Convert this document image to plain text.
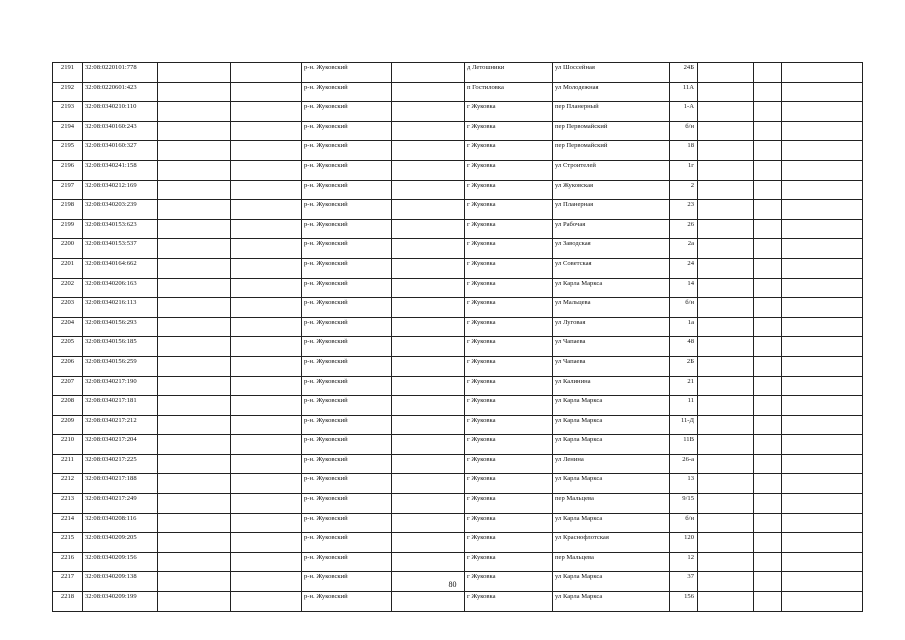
2191	32:08:0220101:778			р-н. Жуковский		д Летошники	ул Шоссейная	24Б			
2192	32:08:0220601:423			р-н. Жуковский		п Гостиловка	ул Молодежная	11А			
2193	32:08:0340210:110			р-н. Жуковский		г Жуковка	пер Планерный	1-А			
2194	32:08:0340160:243			р-н. Жуковский		г Жуковка	пер Первомайский	б/н			
2195	32:08:0340160:327			р-н. Жуковский		г Жуковка	пер Первомайский	18			
2196	32:08:0340241:158			р-н. Жуковский		г Жуковка	ул Строителей	1г			
2197	32:08:0340212:169			р-н. Жуковский		г Жуковка	ул Жуковская	2			
2198	32:08:0340203:239			р-н. Жуковский		г Жуковка	ул Планерная	23			
2199	32:08:0340153:623			р-н. Жуковский		г Жуковка	ул Рабочая	26			
2200	32:08:0340153:537			р-н. Жуковский		г Жуковка	ул Заводская	2а			
2201	32:08:0340164:662			р-н. Жуковский		г Жуковка	ул Советская	24			
2202	32:08:0340206:163			р-н. Жуковский		г Жуковка	ул Карла Маркса	14			
2203	32:08:0340216:113			р-н. Жуковский		г Жуковка	ул Мальцева	б/н			
2204	32:08:0340156:293			р-н. Жуковский		г Жуковка	ул Луговая	1а			
2205	32:08:0340156:185			р-н. Жуковский		г Жуковка	ул Чапаева	48			
2206	32:08:0340156:259			р-н. Жуковский		г Жуковка	ул Чапаева	2Б			
2207	32:08:0340217:190			р-н. Жуковский		г Жуковка	ул Калинина	21			
2208	32:08:0340217:181			р-н. Жуковский		г Жуковка	ул Карла Маркса	11			
2209	32:08:0340217:212			р-н. Жуковский		г Жуковка	ул Карла Маркса	11-Д			
2210	32:08:0340217:204			р-н. Жуковский		г Жуковка	ул Карла Маркса	11В			
2211	32:08:0340217:225			р-н. Жуковский		г Жуковка	ул Ленина	26-а			
2212	32:08:0340217:188			р-н. Жуковский		г Жуковка	ул Карла Маркса	13			
2213	32:08:0340217:249			р-н. Жуковский		г Жуковка	пер Мальцева	9/15			
2214	32:08:0340208:116			р-н. Жуковский		г Жуковка	ул Карла Маркса	б/н			
2215	32:08:0340209:205			р-н. Жуковский		г Жуковка	ул Краснофлотская	120			
2216	32:08:0340209:156			р-н. Жуковский		г Жуковка	пер Мальцева	12			
2217	32:08:0340209:138			р-н. Жуковский		г Жуковка	ул Карла Маркса	37			
2218	32:08:0340209:199			р-н. Жуковский		г Жуковка	ул Карла Маркса	156			
80
